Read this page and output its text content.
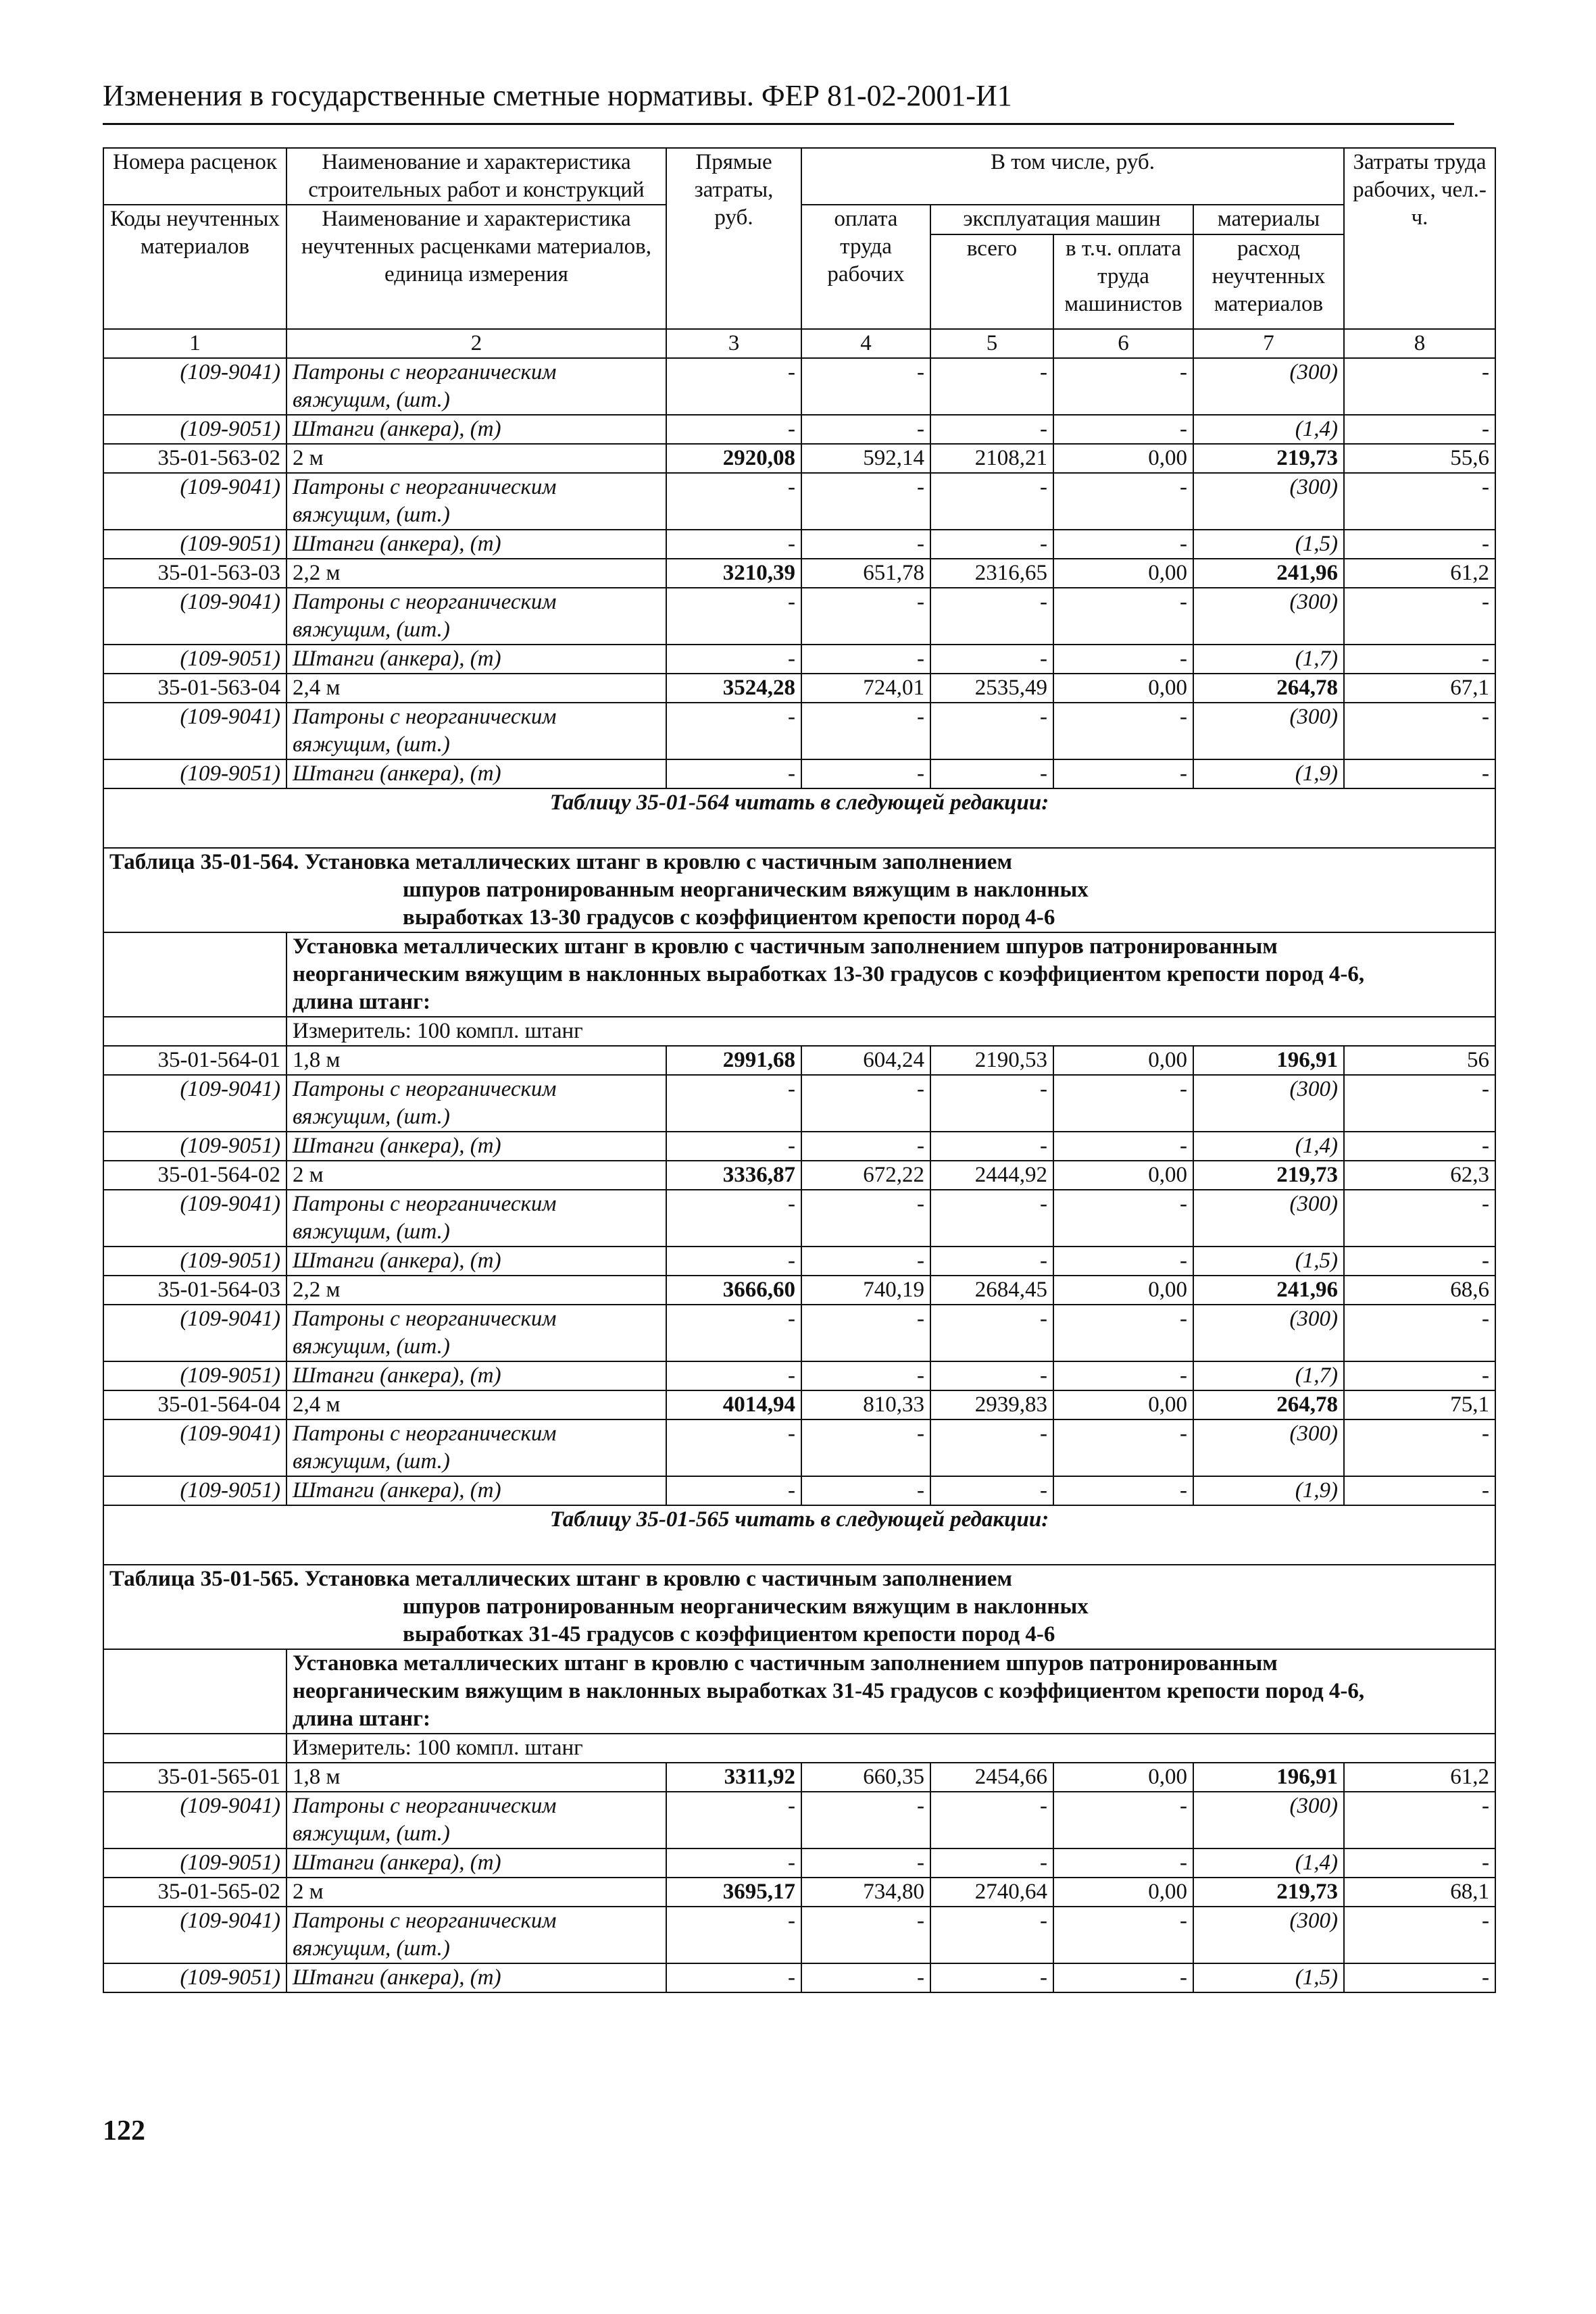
Изменения в государственные сметные нормативы. ФЕР 81-02-2001-И1
Номера расценок	Наименование и характеристика строительных работ и конструкций	Прямые затраты, руб.	В том числе, руб.				Затраты труда рабочих, чел.-ч.
Коды неучтенных материалов	Наименование и характеристика неучтенных расценками материалов, единица измерения		оплата труда рабочих	эксплуатация машин		материалы	
				всего	в т.ч. оплата труда машинистов	расход неучтенных материалов	
1	2	3	4	5	6	7	8
(109-9041)	Патроны с неорганическим
вяжущим, (шт.)	-	-	-	-	(300)	-
(109-9051)	Штанги (анкера), (т)	-	-	-	-	(1,4)	-
35-01-563-02	2 м	2920,08	592,14	2108,21	0,00	219,73	55,6
(109-9041)	Патроны с неорганическим
вяжущим, (шт.)	-	-	-	-	(300)	-
(109-9051)	Штанги (анкера), (т)	-	-	-	-	(1,5)	-
35-01-563-03	2,2 м	3210,39	651,78	2316,65	0,00	241,96	61,2
(109-9041)	Патроны с неорганическим
вяжущим, (шт.)	-	-	-	-	(300)	-
(109-9051)	Штанги (анкера), (т)	-	-	-	-	(1,7)	-
35-01-563-04	2,4 м	3524,28	724,01	2535,49	0,00	264,78	67,1
(109-9041)	Патроны с неорганическим
вяжущим, (шт.)	-	-	-	-	(300)	-
(109-9051)	Штанги (анкера), (т)	-	-	-	-	(1,9)	-
Таблицу 35-01-564 читать в следующей редакции:							
Таблица 35-01-564. Установка металлических штанг в кровлю с частичным заполнением
шпуров патронированным неорганическим вяжущим в наклонных
выработках 13-30 градусов с коэффициентом крепости пород 4-6							

	Установка металлических штанг в кровлю с частичным заполнением шпуров патронированным
неорганическим вяжущим в наклонных выработках 13-30 градусов с коэффициентом крепости пород 4-6,
длина штанг:						

	Измеритель: 100 компл. штанг						
35-01-564-01	1,8 м	2991,68	604,24	2190,53	0,00	196,91	56
(109-9041)	Патроны с неорганическим
вяжущим, (шт.)	-	-	-	-	(300)	-
(109-9051)	Штанги (анкера), (т)	-	-	-	-	(1,4)	-
35-01-564-02	2 м	3336,87	672,22	2444,92	0,00	219,73	62,3
(109-9041)	Патроны с неорганическим
вяжущим, (шт.)	-	-	-	-	(300)	-
(109-9051)	Штанги (анкера), (т)	-	-	-	-	(1,5)	-
35-01-564-03	2,2 м	3666,60	740,19	2684,45	0,00	241,96	68,6
(109-9041)	Патроны с неорганическим
вяжущим, (шт.)	-	-	-	-	(300)	-
(109-9051)	Штанги (анкера), (т)	-	-	-	-	(1,7)	-
35-01-564-04	2,4 м	4014,94	810,33	2939,83	0,00	264,78	75,1
(109-9041)	Патроны с неорганическим
вяжущим, (шт.)	-	-	-	-	(300)	-
(109-9051)	Штанги (анкера), (т)	-	-	-	-	(1,9)	-
Таблицу 35-01-565 читать в следующей редакции:							
Таблица 35-01-565. Установка металлических штанг в кровлю с частичным заполнением
шпуров патронированным неорганическим вяжущим в наклонных
выработках 31-45 градусов с коэффициентом крепости пород 4-6							

	Установка металлических штанг в кровлю с частичным заполнением шпуров патронированным
неорганическим вяжущим в наклонных выработках 31-45 градусов с коэффициентом крепости пород 4-6,
длина штанг:						

	Измеритель: 100 компл. штанг						
35-01-565-01	1,8 м	3311,92	660,35	2454,66	0,00	196,91	61,2
(109-9041)	Патроны с неорганическим
вяжущим, (шт.)	-	-	-	-	(300)	-
(109-9051)	Штанги (анкера), (т)	-	-	-	-	(1,4)	-
35-01-565-02	2 м	3695,17	734,80	2740,64	0,00	219,73	68,1
(109-9041)	Патроны с неорганическим
вяжущим, (шт.)	-	-	-	-	(300)	-
(109-9051)	Штанги (анкера), (т)	-	-	-	-	(1,5)	-
122
